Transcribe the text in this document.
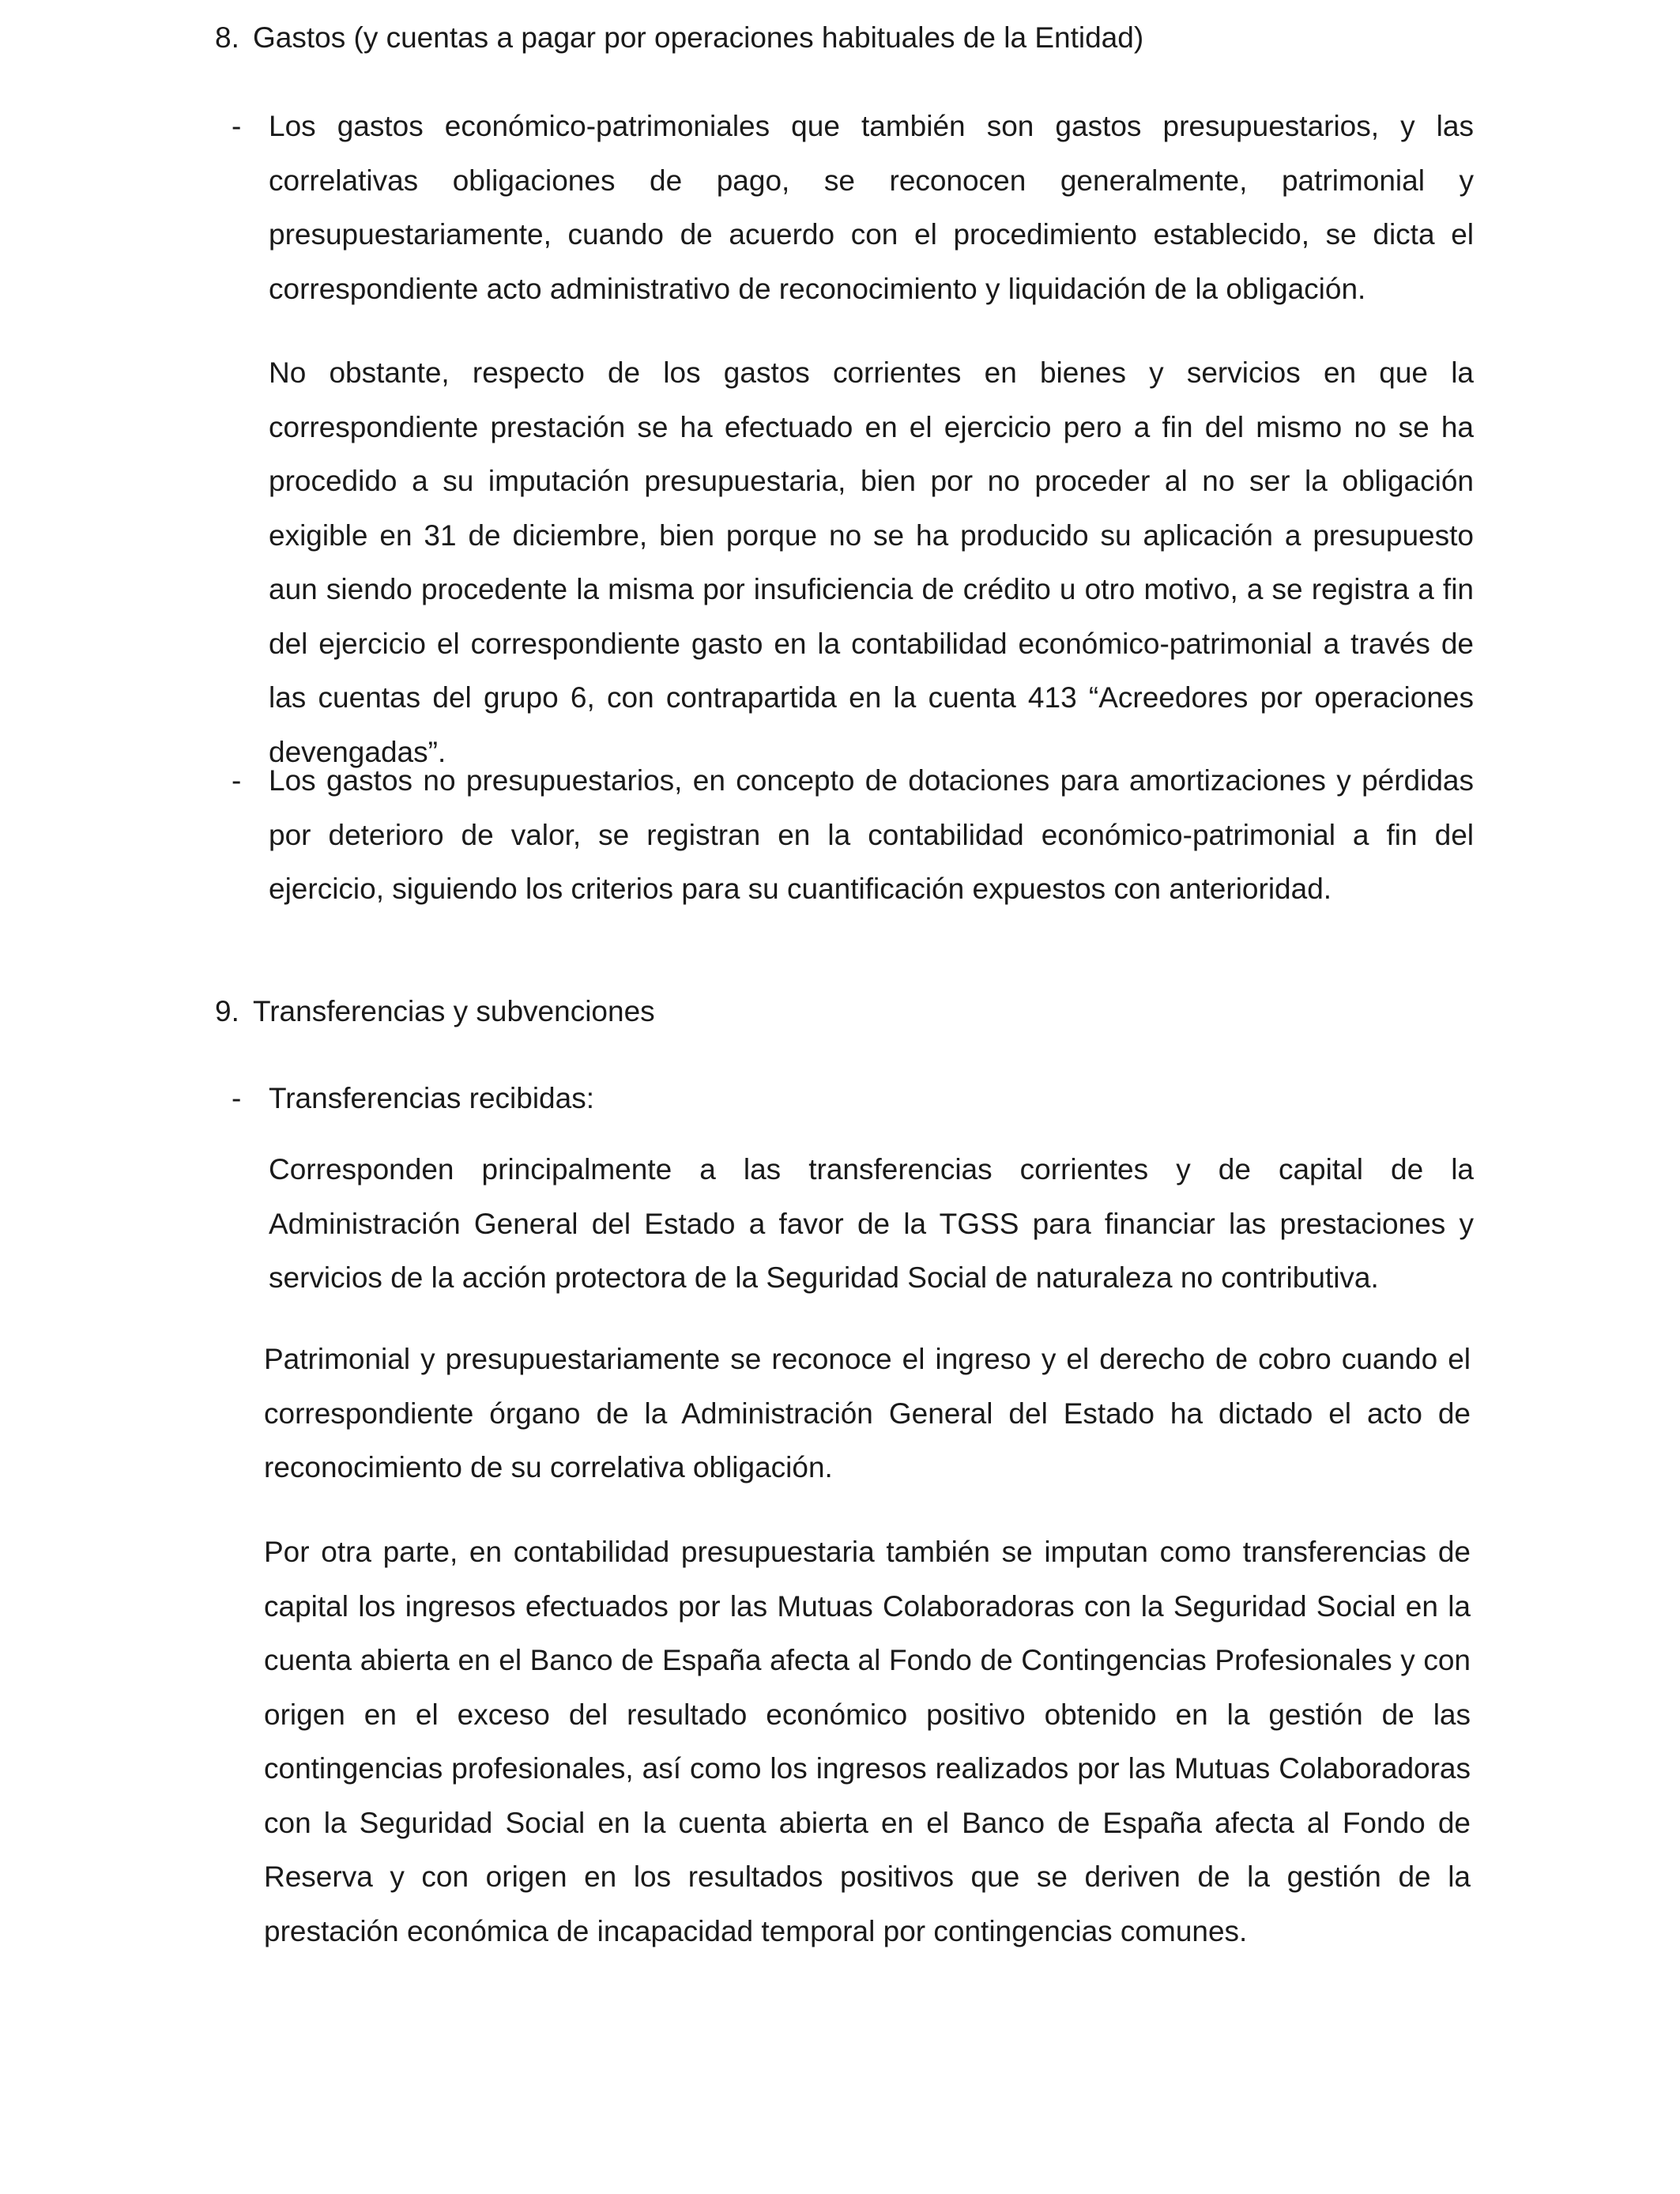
8. Gastos (y cuentas a pagar por operaciones habituales de la Entidad)
- Los gastos económico-patrimoniales que también son gastos presupuestarios, y las correlativas obligaciones de pago, se reconocen generalmente, patrimonial y presupuestariamente, cuando de acuerdo con el procedimiento establecido, se dicta el correspondiente acto administrativo de reconocimiento y liquidación de la obligación.

No obstante, respecto de los gastos corrientes en bienes y servicios en que la correspondiente prestación se ha efectuado en el ejercicio pero a fin del mismo no se ha procedido a su imputación presupuestaria, bien por no proceder al no ser la obligación exigible en 31 de diciembre, bien porque no se ha producido su aplicación a presupuesto aun siendo procedente la misma por insuficiencia de crédito u otro motivo, a se registra a fin del ejercicio el correspondiente gasto en la contabilidad económico-patrimonial a través de las cuentas del grupo 6, con contrapartida en la cuenta 413 “Acreedores por operaciones devengadas”.

- Los gastos no presupuestarios, en concepto de dotaciones para amortizaciones y pérdidas por deterioro de valor, se registran en la contabilidad económico-patrimonial a fin del ejercicio, siguiendo los criterios para su cuantificación expuestos con anterioridad.

9. Transferencias y subvenciones
- Transferencias recibidas:

Corresponden principalmente a las transferencias corrientes y de capital de la Administración General del Estado a favor de la TGSS para financiar las prestaciones y servicios de la acción protectora de la Seguridad Social de naturaleza no contributiva.

Patrimonial y presupuestariamente se reconoce el ingreso y el derecho de cobro cuando el correspondiente órgano de la Administración General del Estado ha dictado el acto de reconocimiento de su correlativa obligación.

Por otra parte, en contabilidad presupuestaria también se imputan como transferencias de capital los ingresos efectuados por las Mutuas Colaboradoras con la Seguridad Social en la cuenta abierta en el Banco de España afecta al Fondo de Contingencias Profesionales y con origen en el exceso del resultado económico positivo obtenido en la gestión de las contingencias profesionales, así como los ingresos realizados por las Mutuas Colaboradoras con la Seguridad Social en la cuenta abierta en el Banco de España afecta al Fondo de Reserva y con origen en los resultados positivos que se deriven de la gestión de la prestación económica de incapacidad temporal por contingencias comunes.
